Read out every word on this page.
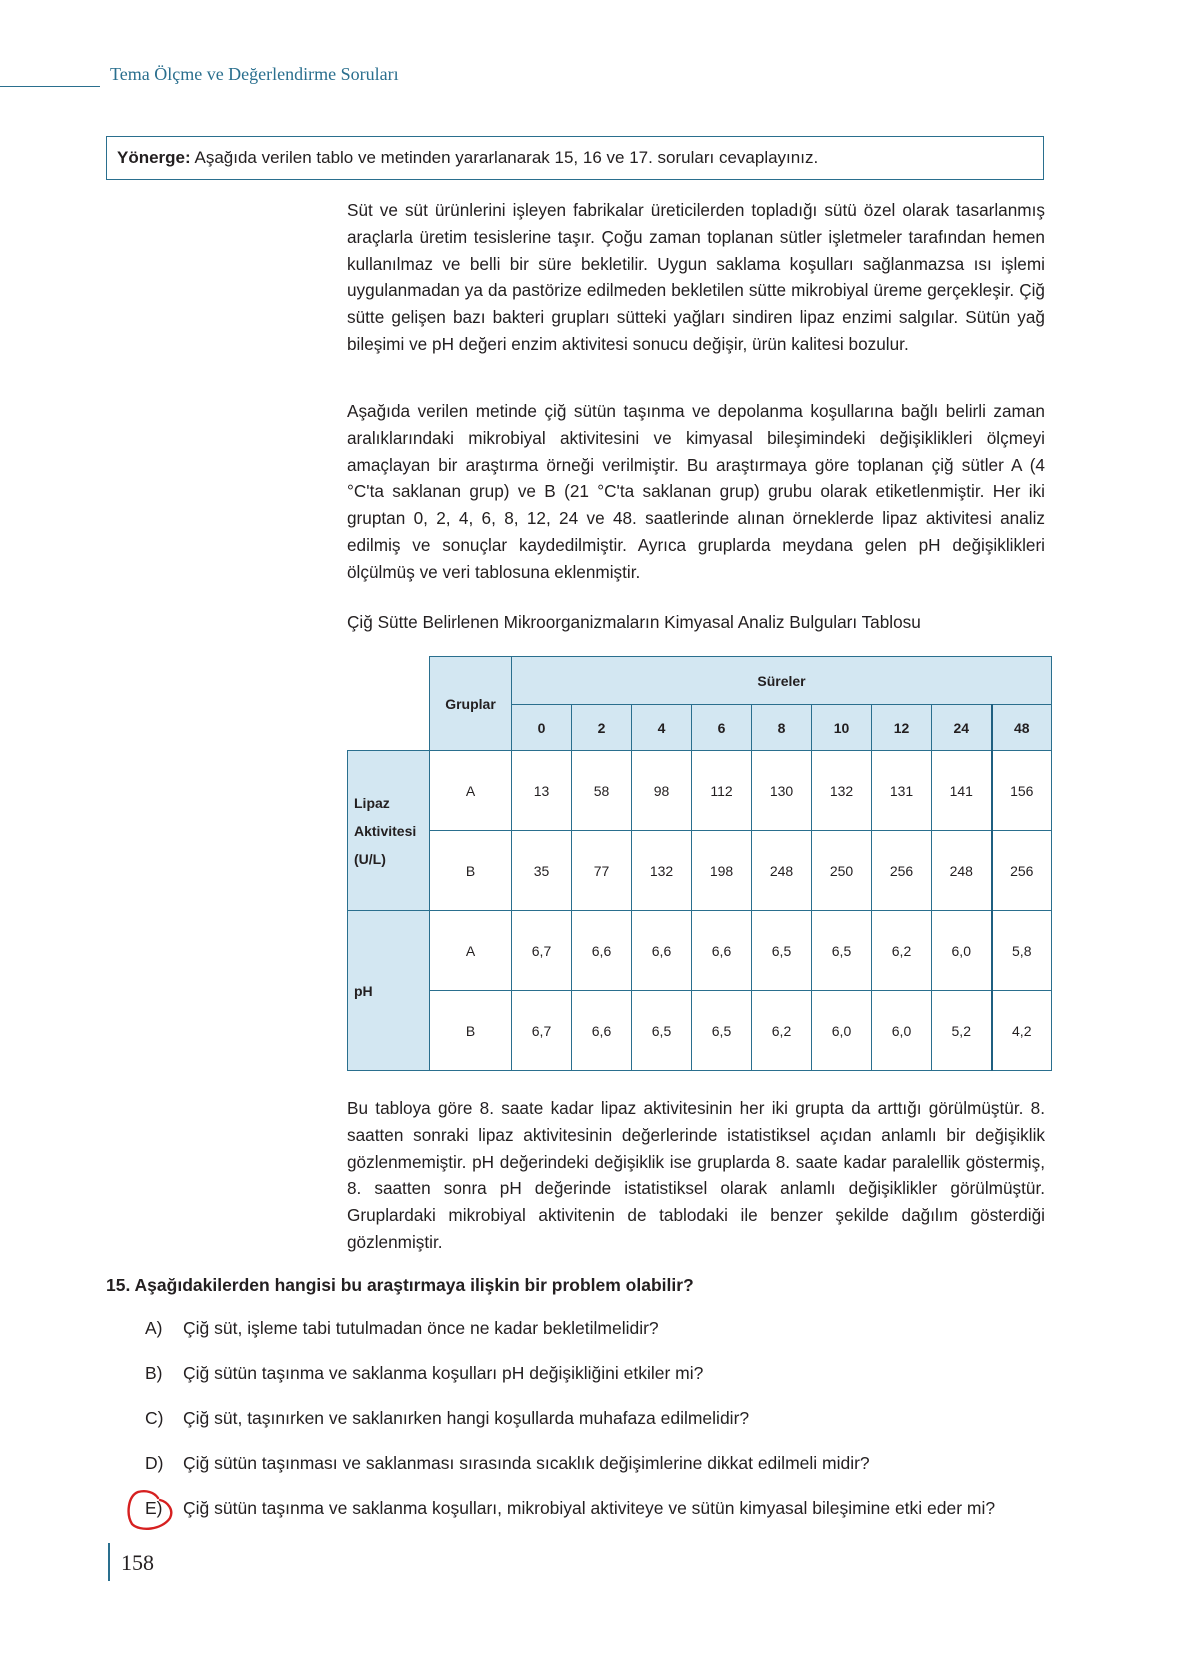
Tema Ölçme ve Değerlendirme Soruları
Yönerge: Aşağıda verilen tablo ve metinden yararlanarak 15, 16 ve 17. soruları cevaplayınız.

Süt ve süt ürünlerini işleyen fabrikalar üreticilerden topladığı sütü özel olarak tasarlanmış araçlarla üretim tesislerine taşır. Çoğu zaman toplanan sütler işletmeler tarafından hemen kullanılmaz ve belli bir süre bekletilir. Uygun saklama koşulları sağlanmazsa ısı işlemi uygulanmadan ya da pastörize edilmeden bekletilen sütte mikrobiyal üreme gerçekleşir. Çiğ sütte gelişen bazı bakteri grupları sütteki yağları sindiren lipaz enzimi salgılar. Sütün yağ bileşimi ve pH değeri enzim aktivitesi sonucu değişir, ürün kalitesi bozulur.

Aşağıda verilen metinde çiğ sütün taşınma ve depolanma koşullarına bağlı belirli zaman aralıklarındaki mikrobiyal aktivitesini ve kimyasal bileşimindeki değişiklikleri ölçmeyi amaçlayan bir araştırma örneği verilmiştir. Bu araştırmaya göre toplanan çiğ sütler A (4 °C'ta saklanan grup) ve B (21 °C'ta saklanan grup) grubu olarak etiketlenmiştir. Her iki gruptan 0, 2, 4, 6, 8, 12, 24 ve 48. saatlerinde alınan örneklerde lipaz aktivitesi analiz edilmiş ve sonuçlar kaydedilmiştir. Ayrıca gruplarda meydana gelen pH değişiklikleri ölçülmüş ve veri tablosuna eklenmiştir.

Çiğ Sütte Belirlenen Mikroorganizmaların Kimyasal Analiz Bulguları Tablosu
	Gruplar	Süreler								
		0	2	4	6	8	10	12	24	48

Lipaz
Aktivitesi
(U/L)	A	13	58	98	112	130	132	131	141	156
	B	35	77	132	198	248	250	256	248	256
pH	A	6,7	6,6	6,6	6,6	6,5	6,5	6,2	6,0	5,8
	B	6,7	6,6	6,5	6,5	6,2	6,0	6,0	5,2	4,2

Bu tabloya göre 8. saate kadar lipaz aktivitesinin her iki grupta da arttığı görülmüştür. 8. saatten sonraki lipaz aktivitesinin değerlerinde istatistiksel açıdan anlamlı bir değişiklik gözlenmemiştir. pH değerindeki değişiklik ise gruplarda 8. saate kadar paralellik göstermiş, 8. saatten sonra pH değerinde istatistiksel olarak anlamlı değişiklikler görülmüştür. Gruplardaki mikrobiyal aktivitenin de tablodaki ile benzer şekilde dağılım gösterdiği gözlenmiştir.

15. Aşağıdakilerden hangisi bu araştırmaya ilişkin bir problem olabilir?
A) Çiğ süt, işleme tabi tutulmadan önce ne kadar bekletilmelidir?
B) Çiğ sütün taşınma ve saklanma koşulları pH değişikliğini etkiler mi?
C) Çiğ süt, taşınırken ve saklanırken hangi koşullarda muhafaza edilmelidir?
D) Çiğ sütün taşınması ve saklanması sırasında sıcaklık değişimlerine dikkat edilmeli midir?
E) Çiğ sütün taşınma ve saklanma koşulları, mikrobiyal aktiviteye ve sütün kimyasal bileşimine etki eder mi?
158
